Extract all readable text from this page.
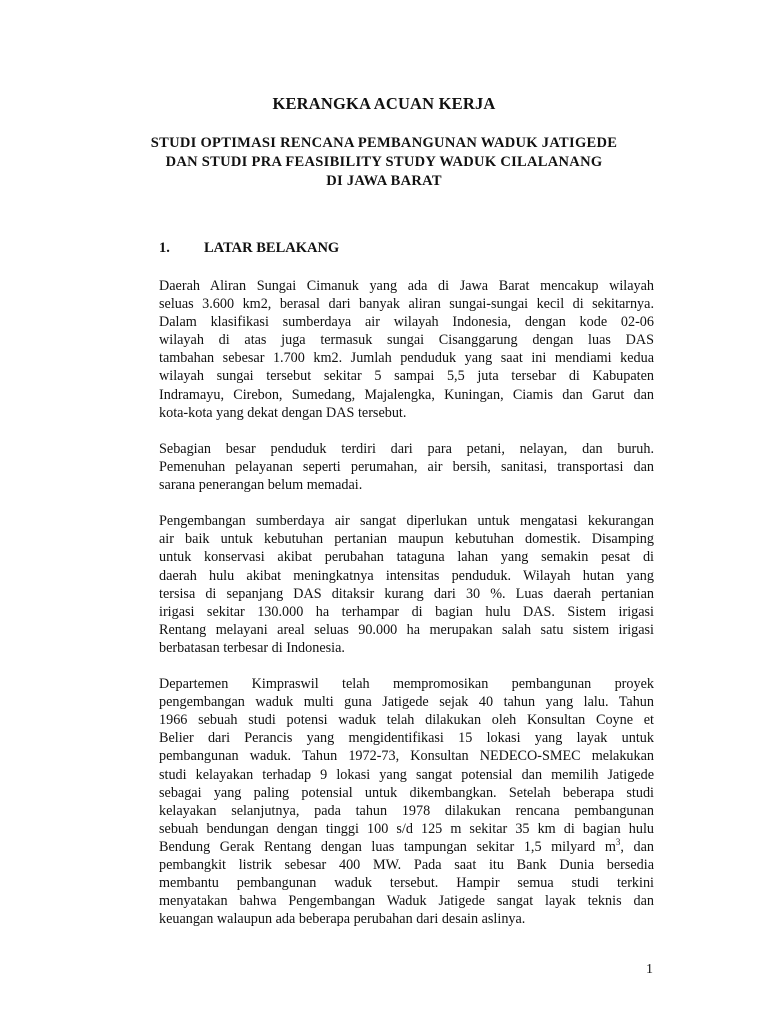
KERANGKA ACUAN KERJA
STUDI OPTIMASI RENCANA PEMBANGUNAN WADUK JATIGEDE
DAN STUDI PRA FEASIBILITY STUDY WADUK CILALANANG
DI JAWA BARAT
1. LATAR BELAKANG

Daerah Aliran Sungai Cimanuk yang ada di Jawa Barat mencakup wilayah
seluas 3.600 km2, berasal dari banyak aliran sungai-sungai kecil di sekitarnya.
Dalam klasifikasi sumberdaya air wilayah Indonesia, dengan kode 02-06
wilayah di atas juga termasuk sungai Cisanggarung dengan luas DAS
tambahan sebesar 1.700 km2. Jumlah penduduk yang saat ini mendiami kedua
wilayah sungai tersebut sekitar 5 sampai 5,5 juta tersebar di Kabupaten
Indramayu, Cirebon, Sumedang, Majalengka, Kuningan, Ciamis dan Garut dan
kota-kota yang dekat dengan DAS tersebut.

Sebagian besar penduduk terdiri dari para petani, nelayan, dan buruh.
Pemenuhan pelayanan seperti perumahan, air bersih, sanitasi, transportasi dan
sarana penerangan belum memadai.

Pengembangan sumberdaya air sangat diperlukan untuk mengatasi kekurangan
air baik untuk kebutuhan pertanian maupun kebutuhan domestik. Disamping
untuk konservasi akibat perubahan tataguna lahan yang semakin pesat di
daerah hulu akibat meningkatnya intensitas penduduk. Wilayah hutan yang
tersisa di sepanjang DAS ditaksir kurang dari 30 %. Luas daerah pertanian
irigasi sekitar 130.000 ha terhampar di bagian hulu DAS. Sistem irigasi
Rentang melayani areal seluas 90.000 ha merupakan salah satu sistem irigasi
berbatasan terbesar di Indonesia.

Departemen Kimpraswil telah mempromosikan pembangunan proyek
pengembangan waduk multi guna Jatigede sejak 40 tahun yang lalu. Tahun
1966 sebuah studi potensi waduk telah dilakukan oleh Konsultan Coyne et
Belier dari Perancis yang mengidentifikasi 15 lokasi yang layak untuk
pembangunan waduk. Tahun 1972-73, Konsultan NEDECO-SMEC melakukan
studi kelayakan terhadap 9 lokasi yang sangat potensial dan memilih Jatigede
sebagai yang paling potensial untuk dikembangkan. Setelah beberapa studi
kelayakan selanjutnya, pada tahun 1978 dilakukan rencana pembangunan
sebuah bendungan dengan tinggi 100 s/d 125 m sekitar 35 km di bagian hulu
Bendung Gerak Rentang dengan luas tampungan sekitar 1,5 milyard $m^3$, dan
pembangkit listrik sebesar 400 MW. Pada saat itu Bank Dunia bersedia
membantu pembangunan waduk tersebut. Hampir semua studi terkini
menyatakan bahwa Pengembangan Waduk Jatigede sangat layak teknis dan
keuangan walaupun ada beberapa perubahan dari desain aslinya.

1
